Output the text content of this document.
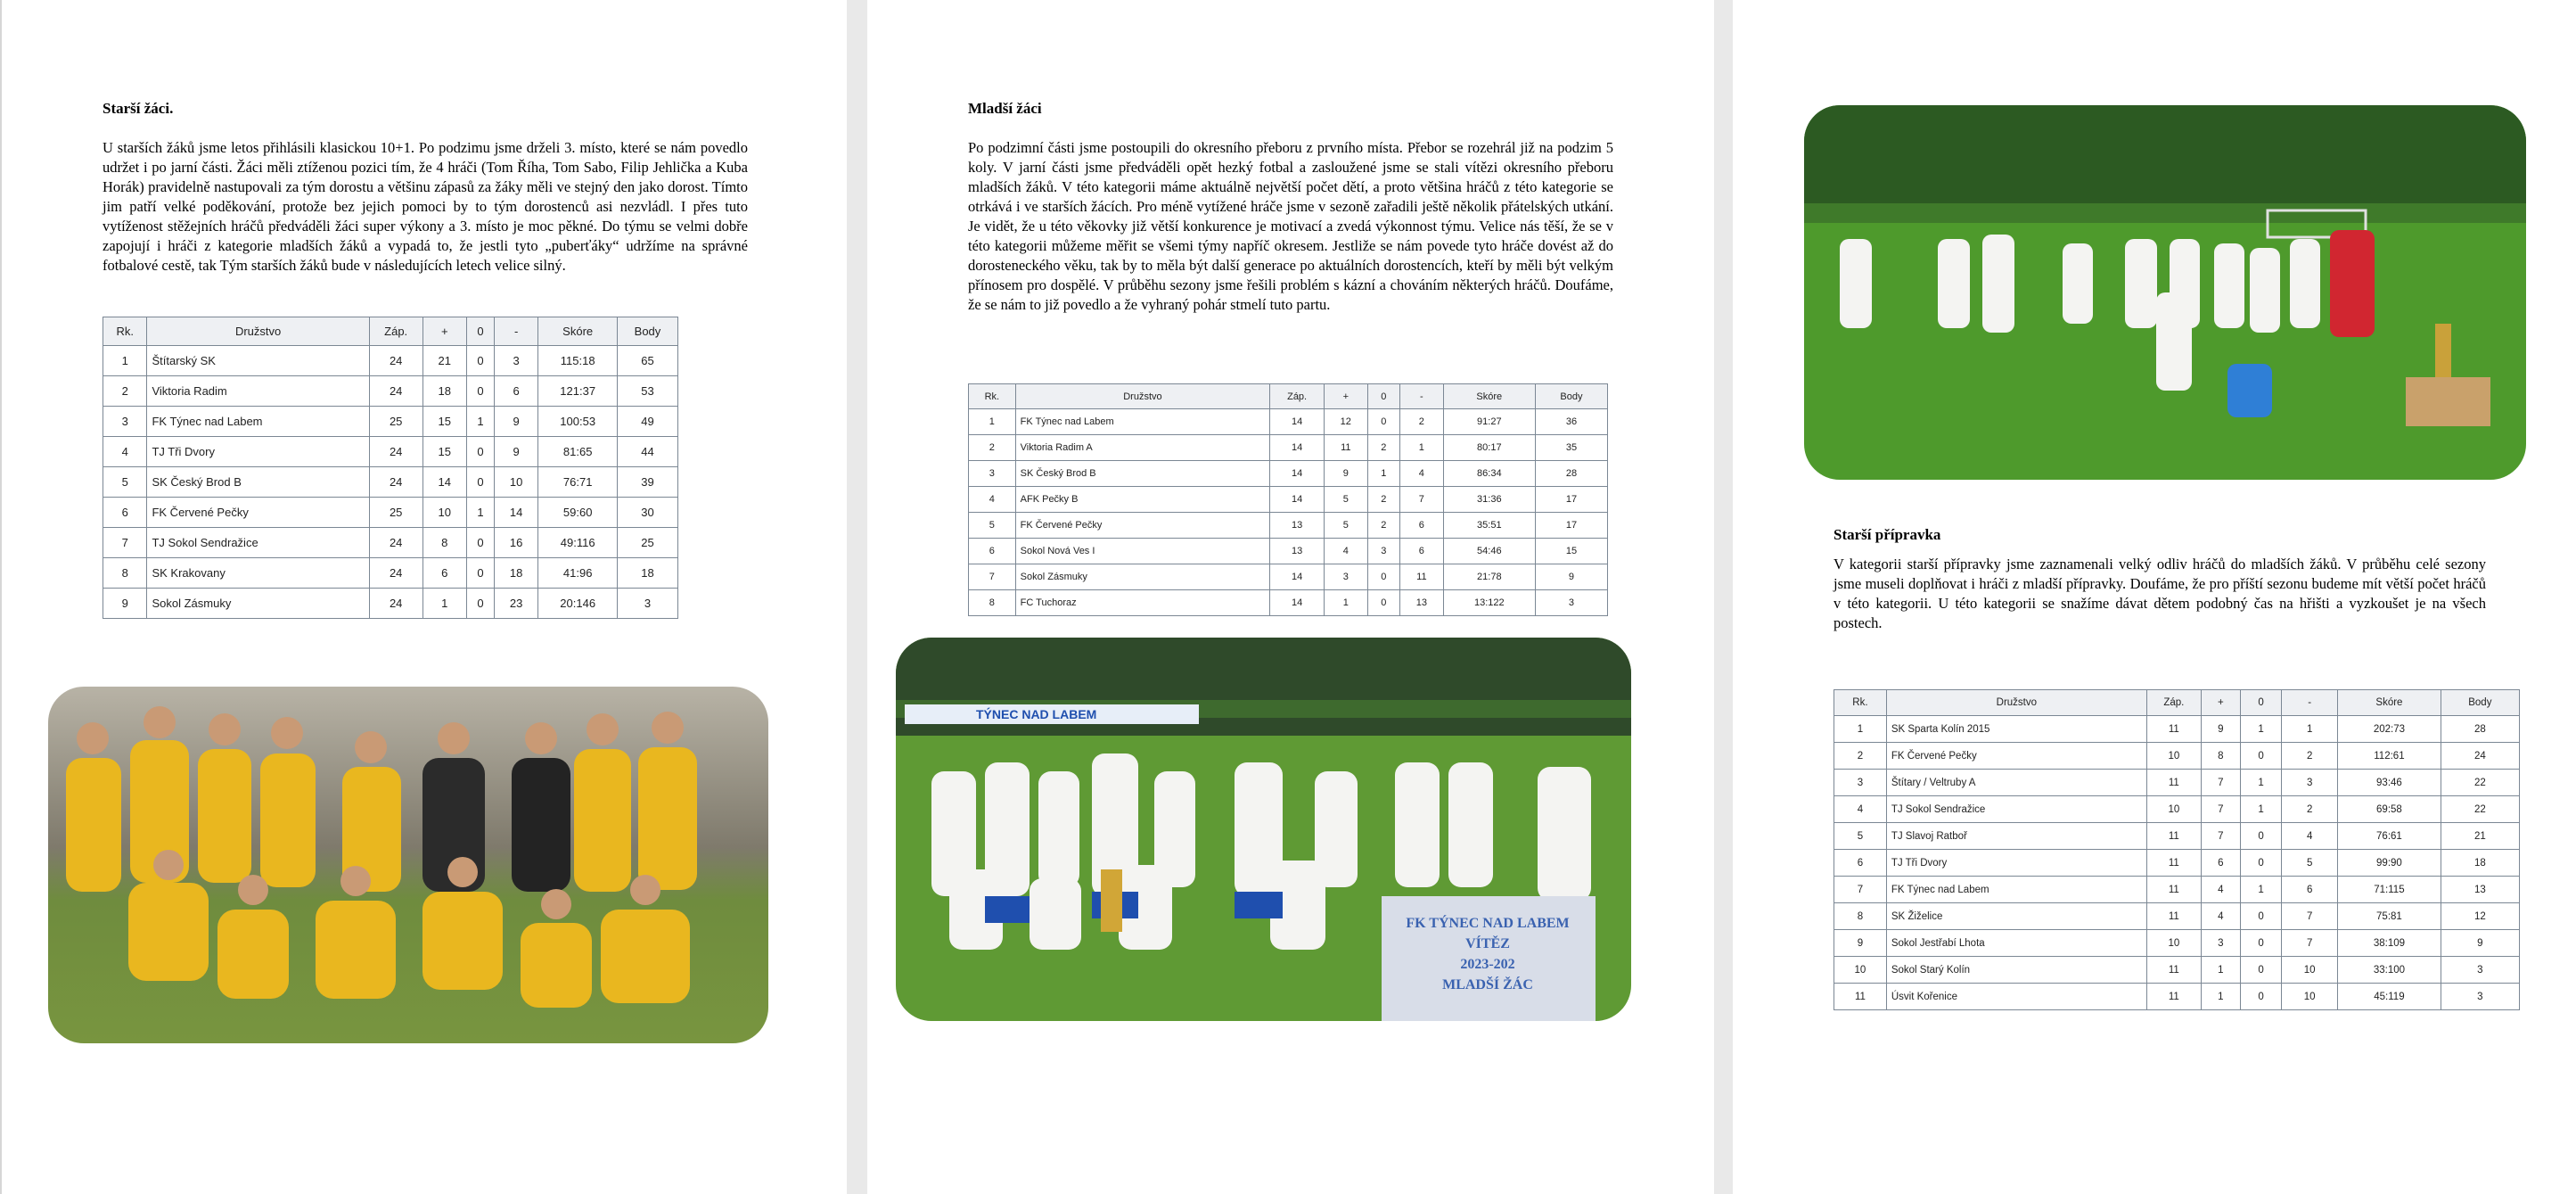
Starší žáci.

U starších žáků jsme letos přihlásili klasickou 10+1. Po podzimu jsme drželi 3. místo, které se nám povedlo udržet i po jarní části. Žáci měli ztíženou pozici tím, že 4 hráči (Tom Říha, Tom Sabo, Filip Jehlička a Kuba Horák) pravidelně nastupovali za tým dorostu a většinu zápasů za žáky měli ve stejný den jako dorost. Tímto jim patří velké poděkování, protože bez jejich pomoci by to tým dorostenců asi nezvládl. I přes tuto vytíženost stěžejních hráčů předváděli žáci super výkony a 3. místo je moc pěkné. Do týmu se velmi dobře zapojují i hráči z kategorie mladších žáků a vypadá to, že jestli tyto „puberťáky“ udržíme na správné fotbalové cestě, tak Tým starších žáků bude v následujících letech velice silný.

Rk.	Družstvo	Záp.	+	0	-	Skóre	Body
1	Štítarský SK	24	21	0	3	115:18	65
2	Viktoria Radim	24	18	0	6	121:37	53
3	FK Týnec nad Labem	25	15	1	9	100:53	49
4	TJ Tři Dvory	24	15	0	9	81:65	44
5	SK Český Brod B	24	14	0	10	76:71	39
6	FK Červené Pečky	25	10	1	14	59:60	30
7	TJ Sokol Sendražice	24	8	0	16	49:116	25
8	SK Krakovany	24	6	0	18	41:96	18
9	Sokol Zásmuky	24	1	0	23	20:146	3
Mladší žáci

Po podzimní části jsme postoupili do okresního přeboru z prvního místa. Přebor se rozehrál již na podzim 5 koly. V jarní části jsme předváděli opět hezký fotbal a zasloužené jsme se stali vítězi okresního přeboru mladších žáků. V této kategorii máme aktuálně největší počet dětí, a proto většina hráčů z této kategorie se otrkává i ve starších žácích. Pro méně vytížené hráče jsme v sezoně zařadili ještě několik přátelských utkání. Je vidět, že u této věkovky již větší konkurence je motivací a zvedá výkonnost týmu. Velice nás těší, že se v této kategorii můžeme měřit se všemi týmy napříč okresem. Jestliže se nám povede tyto hráče dovést až do dorosteneckého věku, tak by to měla být další generace po aktuálních dorostencích, kteří by měli být velkým přínosem pro dospělé. V průběhu sezony jsme řešili problém s kázní a chováním některých hráčů. Doufáme, že se nám to již povedlo a že vyhraný pohár stmelí tuto partu.

Rk.	Družstvo	Záp.	+	0	-	Skóre	Body
1	FK Týnec nad Labem	14	12	0	2	91:27	36
2	Viktoria Radim A	14	11	2	1	80:17	35
3	SK Český Brod B	14	9	1	4	86:34	28
4	AFK Pečky B	14	5	2	7	31:36	17
5	FK Červené Pečky	13	5	2	6	35:51	17
6	Sokol Nová Ves I	13	4	3	6	54:46	15
7	Sokol Zásmuky	14	3	0	11	21:78	9
8	FC Tuchoraz	14	1	0	13	13:122	3
FK TÝNEC NAD LABEM
VÍTĚZ
2023-202
MLADŠÍ ŽÁC
TÝNEC NAD LABEM
Starší přípravka

V kategorii starší přípravky jsme zaznamenali velký odliv hráčů do mladších žáků. V průběhu celé sezony jsme museli doplňovat i hráči z mladší přípravky. Doufáme, že pro příští sezonu budeme mít větší počet hráčů v této kategorii. U této kategorii se snažíme dávat dětem podobný čas na hřišti a vyzkoušet je na všech postech.

Rk.	Družstvo	Záp.	+	0	-	Skóre	Body
1	SK Sparta Kolín 2015	11	9	1	1	202:73	28
2	FK Červené Pečky	10	8	0	2	112:61	24
3	Štítary / Veltruby A	11	7	1	3	93:46	22
4	TJ Sokol Sendražice	10	7	1	2	69:58	22
5	TJ Slavoj Ratboř	11	7	0	4	76:61	21
6	TJ Tři Dvory	11	6	0	5	99:90	18
7	FK Týnec nad Labem	11	4	1	6	71:115	13
8	SK Žiželice	11	4	0	7	75:81	12
9	Sokol Jestřabí Lhota	10	3	0	7	38:109	9
10	Sokol Starý Kolín	11	1	0	10	33:100	3
11	Úsvit Kořenice	11	1	0	10	45:119	3
